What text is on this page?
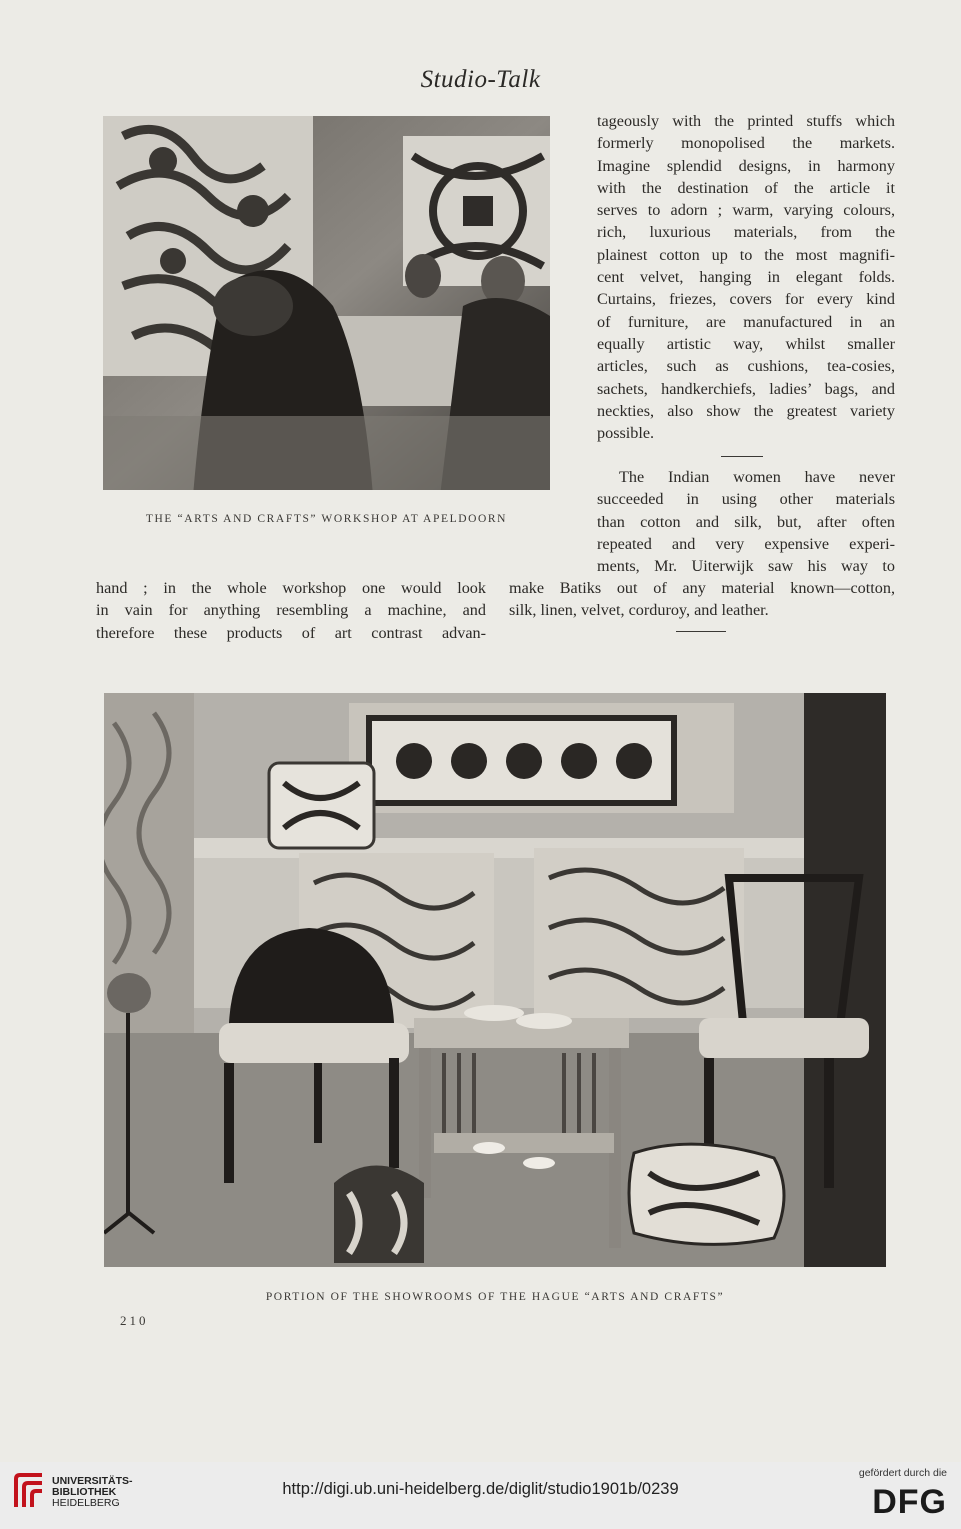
Studio-Talk
THE “ARTS AND CRAFTS” WORKSHOP AT APELDOORN
tageously with the printed stuffs which
formerly monopolised the markets.
Imagine splendid designs, in harmony
with the destination of the article it
serves to adorn ; warm, varying colours,
rich, luxurious materials, from the
plainest cotton up to the most magnifi-
cent velvet, hanging in elegant folds.
Curtains, friezes, covers for every kind
of furniture, are manufactured in an
equally artistic way, whilst smaller
articles, such as cushions, tea-cosies,
sachets, handkerchiefs, ladies’ bags, and
neckties, also show the greatest variety
possible.
The Indian women have never
succeeded in using other materials
than cotton and silk, but, after often
repeated and very expensive experi-
ments, Mr. Uiterwijk saw his way to
make Batiks out of any material known—cotton,
silk, linen, velvet, corduroy, and leather.
hand ; in the whole workshop one would look
in vain for anything resembling a machine, and
therefore these products of art contrast advan-
PORTION OF THE SHOWROOMS OF THE HAGUE “ARTS AND CRAFTS”
210
UNIVERSITÄTS-
BIBLIOTHEK
HEIDELBERG
http://digi.ub.uni-heidelberg.de/diglit/studio1901b/0239
gefördert durch die
DFG
